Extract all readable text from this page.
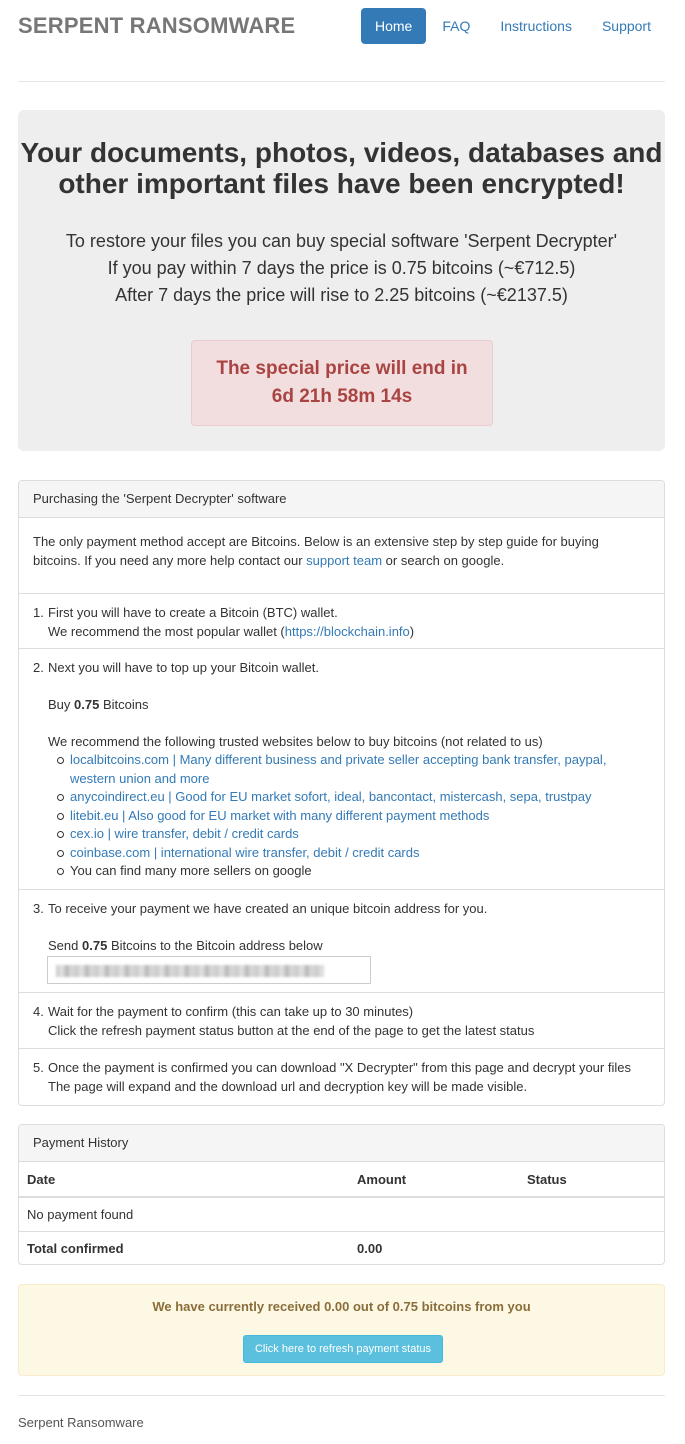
SERPENT RANSOMWARE	Home	FAQ	Instructions	Support
Your documents, photos, videos, databases and
other important files have been encrypted!
To restore your files you can buy special software 'Serpent Decrypter'
If you pay within 7 days the price is 0.75 bitcoins (~€712.5)
After 7 days the price will rise to 2.25 bitcoins (~€2137.5)
The special price will end in
6d 21h 58m 14s
Purchasing the 'Serpent Decrypter' software
The only payment method accept are Bitcoins. Below is an extensive step by step guide for buying bitcoins. If you need any more help contact our support team or search on google.
1. First you will have to create a Bitcoin (BTC) wallet.
We recommend the most popular wallet (https://blockchain.info)
2. Next you will have to top up your Bitcoin wallet.
Buy 0.75 Bitcoins
We recommend the following trusted websites below to buy bitcoins (not related to us)
localbitcoins.com | Many different business and private seller accepting bank transfer, paypal, western union and more
anycoindirect.eu | Good for EU market sofort, ideal, bancontact, mistercash, sepa, trustpay
litebit.eu | Also good for EU market with many different payment methods
cex.io | wire transfer, debit / credit cards
coinbase.com | international wire transfer, debit / credit cards
You can find many more sellers on google
3. To receive your payment we have created an unique bitcoin address for you.
Send 0.75 Bitcoins to the Bitcoin address below
4. Wait for the payment to confirm (this can take up to 30 minutes)
Click the refresh payment status button at the end of the page to get the latest status
5. Once the payment is confirmed you can download "X Decrypter" from this page and decrypt your files
The page will expand and the download url and decryption key will be made visible.
Payment History
Date	Amount	Status
No payment found		
Total confirmed	0.00	
We have currently received 0.00 out of 0.75 bitcoins from you
Click here to refresh payment status
Serpent Ransomware
